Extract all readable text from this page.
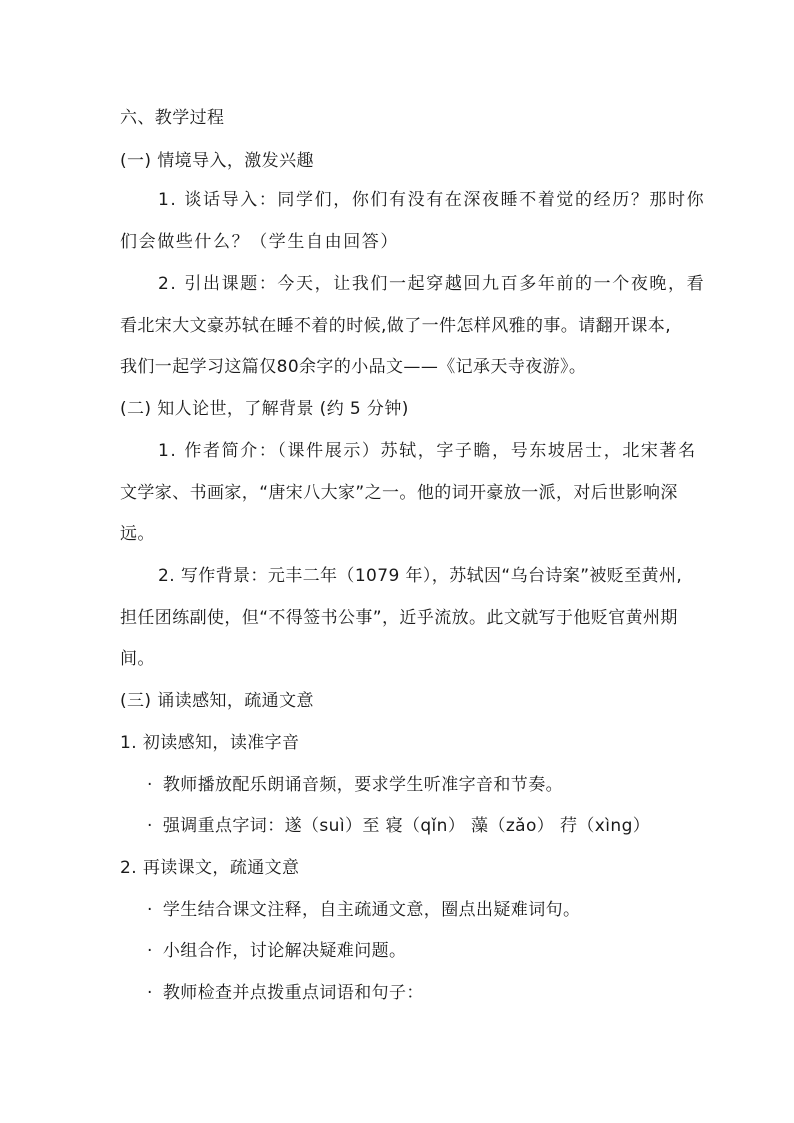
六、教学过程
(一) 情境导入，激发兴趣
1. 谈话导入：同学们，你们有没有在深夜睡不着觉的经历？那时你
们会做些什么？（学生自由回答）
2. 引出课题：今天，让我们一起穿越回九百多年前的一个夜晚，看
看北宋大文豪苏轼在睡不着的时候,做了一件怎样风雅的事。请翻开课本,
我们一起学习这篇仅80余字的小品文——《记承天寺夜游》。
(二) 知人论世，了解背景 (约 5 分钟)
1. 作者简介：（课件展示）苏轼，字子瞻，号东坡居士，北宋著名
文学家、书画家，“唐宋八大家”之一。他的词开豪放一派，对后世影响深
远。
2. 写作背景：元丰二年（1079 年），苏轼因“乌台诗案”被贬至黄州,
担任团练副使，但“不得签书公事”，近乎流放。此文就写于他贬官黄州期
间。
(三) 诵读感知，疏通文意
1. 初读感知，读准字音
· 教师播放配乐朗诵音频，要求学生听准字音和节奏。
· 强调重点字词：遂（suì）至 寝（qǐn） 藻（zǎo） 荇（xìng）
2. 再读课文，疏通文意
· 学生结合课文注释，自主疏通文意，圈点出疑难词句。
· 小组合作，讨论解决疑难问题。
· 教师检查并点拨重点词语和句子：
